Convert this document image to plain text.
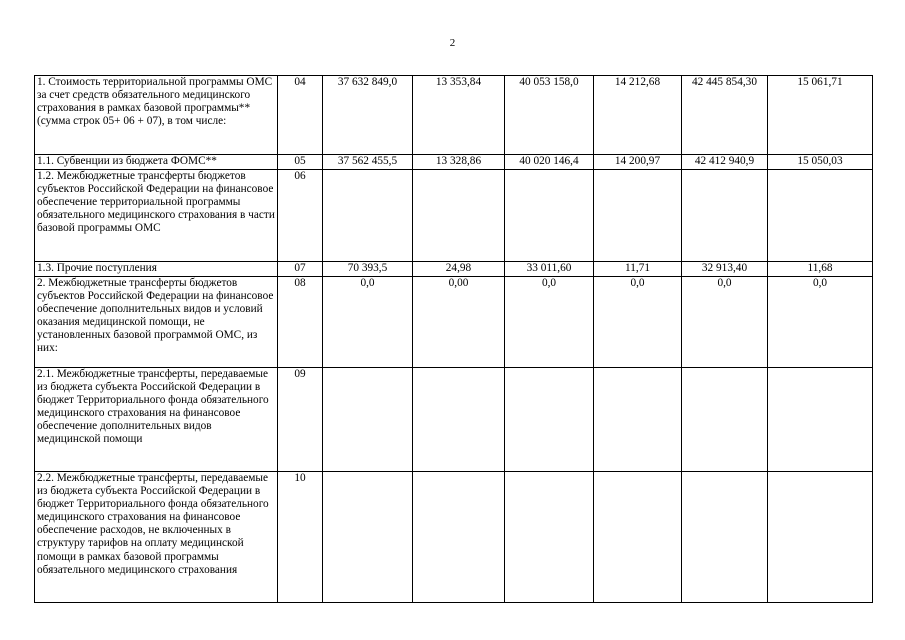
2
1. Стоимость территориальной программы ОМС за счет средств обязательного медицинского страхования в рамках базовой программы** (сумма строк 05+ 06 + 07), в том числе:	04	37 632 849,0	13 353,84	40 053 158,0	14 212,68	42 445 854,30	15 061,71
1.1. Субвенции из бюджета ФОМС**	05	37 562 455,5	13 328,86	40 020 146,4	14 200,97	42 412 940,9	15 050,03
1.2. Межбюджетные трансферты бюджетов субъектов Российской Федерации на финансовое обеспечение территориальной программы обязательного медицинского страхования в части базовой программы ОМС	06						
1.3. Прочие поступления	07	70 393,5	24,98	33 011,60	11,71	32 913,40	11,68
2. Межбюджетные трансферты бюджетов субъектов Российской Федерации на финансовое обеспечение дополнительных видов и условий оказания медицинской помощи, не установленных базовой программой ОМС, из них:	08	0,0	0,00	0,0	0,0	0,0	0,0
2.1. Межбюджетные трансферты, передаваемые из бюджета субъекта Российской Федерации в бюджет Территориального фонда обязательного медицинского страхования на финансовое обеспечение дополнительных видов медицинской помощи	09						
2.2. Межбюджетные трансферты, передаваемые из бюджета субъекта Российской Федерации в бюджет Территориального фонда обязательного медицинского страхования на финансовое обеспечение расходов, не включенных в структуру тарифов на оплату медицинской помощи в рамках базовой программы обязательного медицинского страхования	10						
